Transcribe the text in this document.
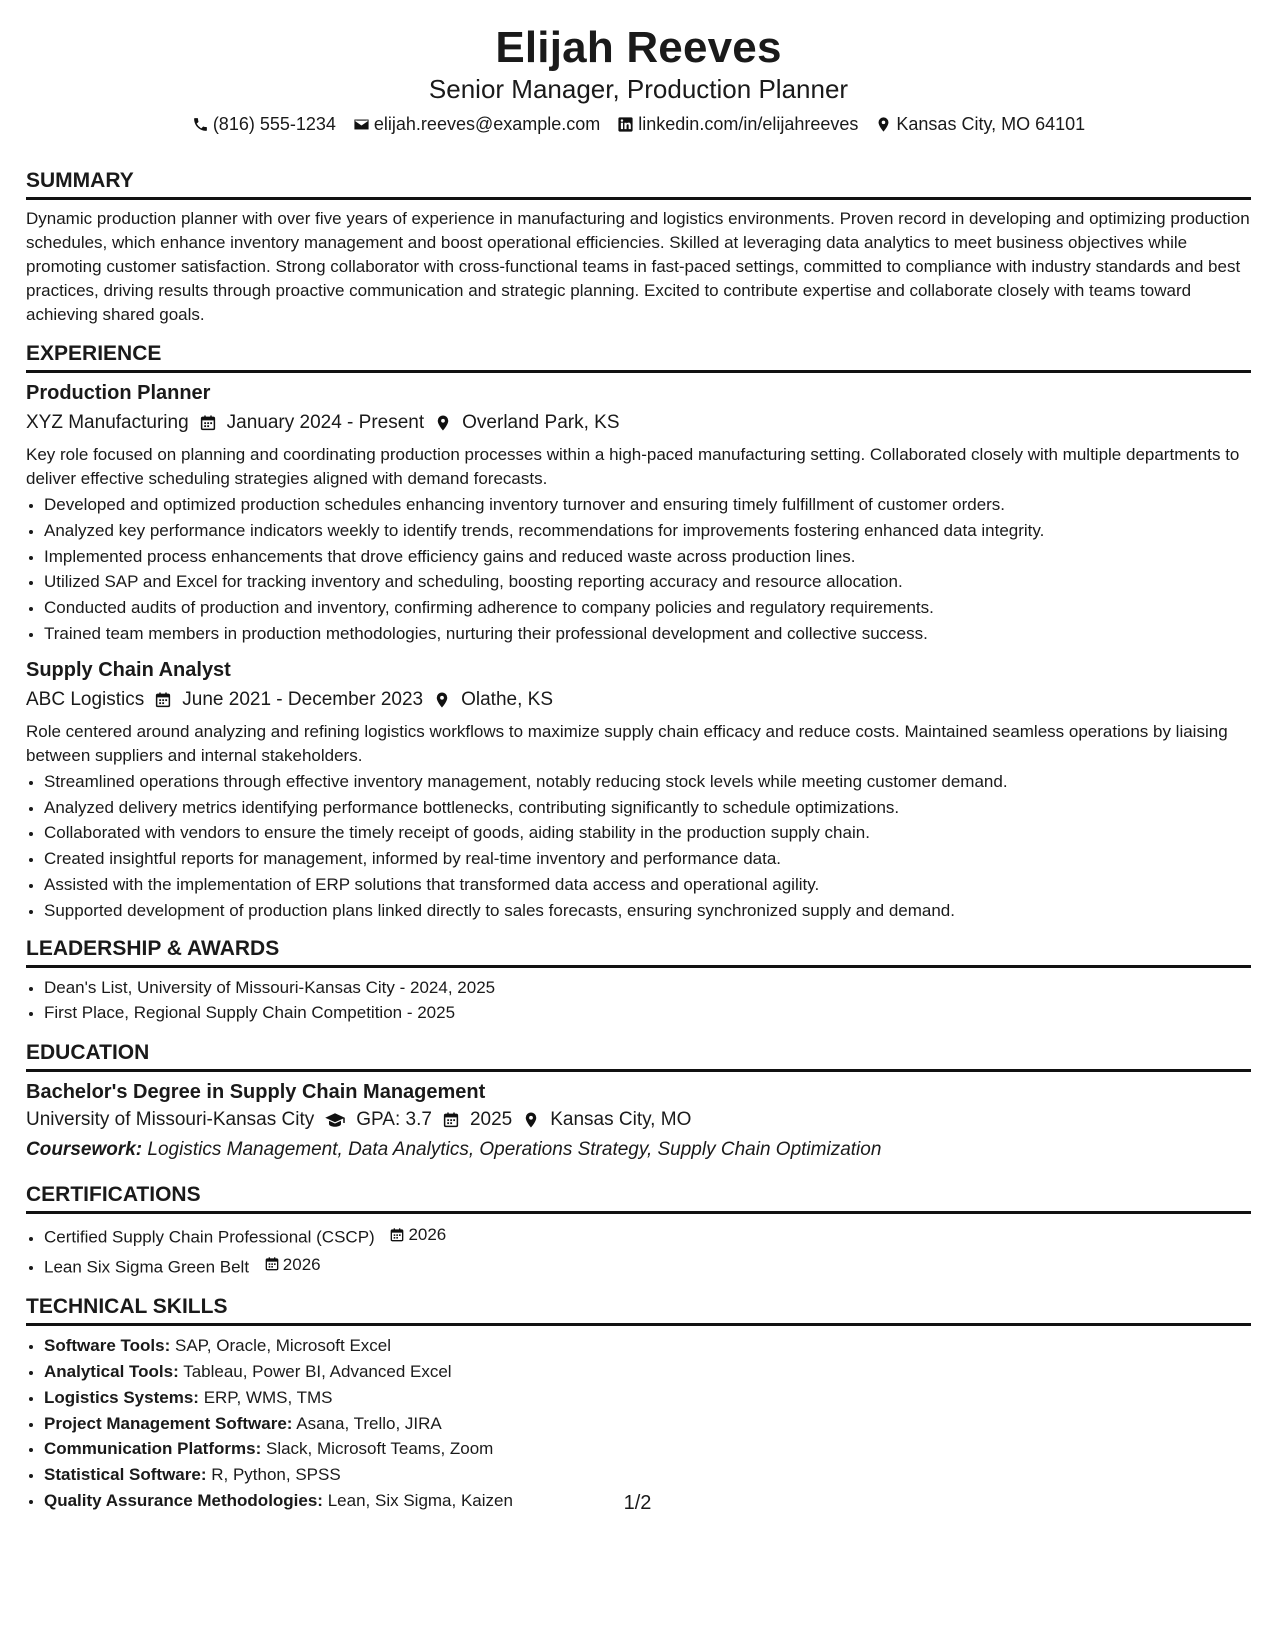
Elijah Reeves
Senior Manager, Production Planner
(816) 555-1234 elijah.reeves@example.com linkedin.com/in/elijahreeves Kansas City, MO 64101
SUMMARY
Dynamic production planner with over five years of experience in manufacturing and logistics environments. Proven record in developing and optimizing production schedules, which enhance inventory management and boost operational efficiencies. Skilled at leveraging data analytics to meet business objectives while promoting customer satisfaction. Strong collaborator with cross-functional teams in fast-paced settings, committed to compliance with industry standards and best practices, driving results through proactive communication and strategic planning. Excited to contribute expertise and collaborate closely with teams toward achieving shared goals.
EXPERIENCE
Production Planner
XYZ Manufacturing January 2024 - Present Overland Park, KS
Key role focused on planning and coordinating production processes within a high-paced manufacturing setting. Collaborated closely with multiple departments to deliver effective scheduling strategies aligned with demand forecasts.
• Developed and optimized production schedules enhancing inventory turnover and ensuring timely fulfillment of customer orders.
• Analyzed key performance indicators weekly to identify trends, recommendations for improvements fostering enhanced data integrity.
• Implemented process enhancements that drove efficiency gains and reduced waste across production lines.
• Utilized SAP and Excel for tracking inventory and scheduling, boosting reporting accuracy and resource allocation.
• Conducted audits of production and inventory, confirming adherence to company policies and regulatory requirements.
• Trained team members in production methodologies, nurturing their professional development and collective success.
Supply Chain Analyst
ABC Logistics June 2021 - December 2023 Olathe, KS
Role centered around analyzing and refining logistics workflows to maximize supply chain efficacy and reduce costs. Maintained seamless operations by liaising between suppliers and internal stakeholders.
• Streamlined operations through effective inventory management, notably reducing stock levels while meeting customer demand.
• Analyzed delivery metrics identifying performance bottlenecks, contributing significantly to schedule optimizations.
• Collaborated with vendors to ensure the timely receipt of goods, aiding stability in the production supply chain.
• Created insightful reports for management, informed by real-time inventory and performance data.
• Assisted with the implementation of ERP solutions that transformed data access and operational agility.
• Supported development of production plans linked directly to sales forecasts, ensuring synchronized supply and demand.
LEADERSHIP & AWARDS
• Dean's List, University of Missouri-Kansas City - 2024, 2025
• First Place, Regional Supply Chain Competition - 2025
EDUCATION
Bachelor's Degree in Supply Chain Management
University of Missouri-Kansas City GPA: 3.7 2025 Kansas City, MO
Coursework: Logistics Management, Data Analytics, Operations Strategy, Supply Chain Optimization
CERTIFICATIONS
• Certified Supply Chain Professional (CSCP) 2026
• Lean Six Sigma Green Belt 2026
TECHNICAL SKILLS
• Software Tools: SAP, Oracle, Microsoft Excel
• Analytical Tools: Tableau, Power BI, Advanced Excel
• Logistics Systems: ERP, WMS, TMS
• Project Management Software: Asana, Trello, JIRA
• Communication Platforms: Slack, Microsoft Teams, Zoom
• Statistical Software: R, Python, SPSS
• Quality Assurance Methodologies: Lean, Six Sigma, Kaizen	1/2
